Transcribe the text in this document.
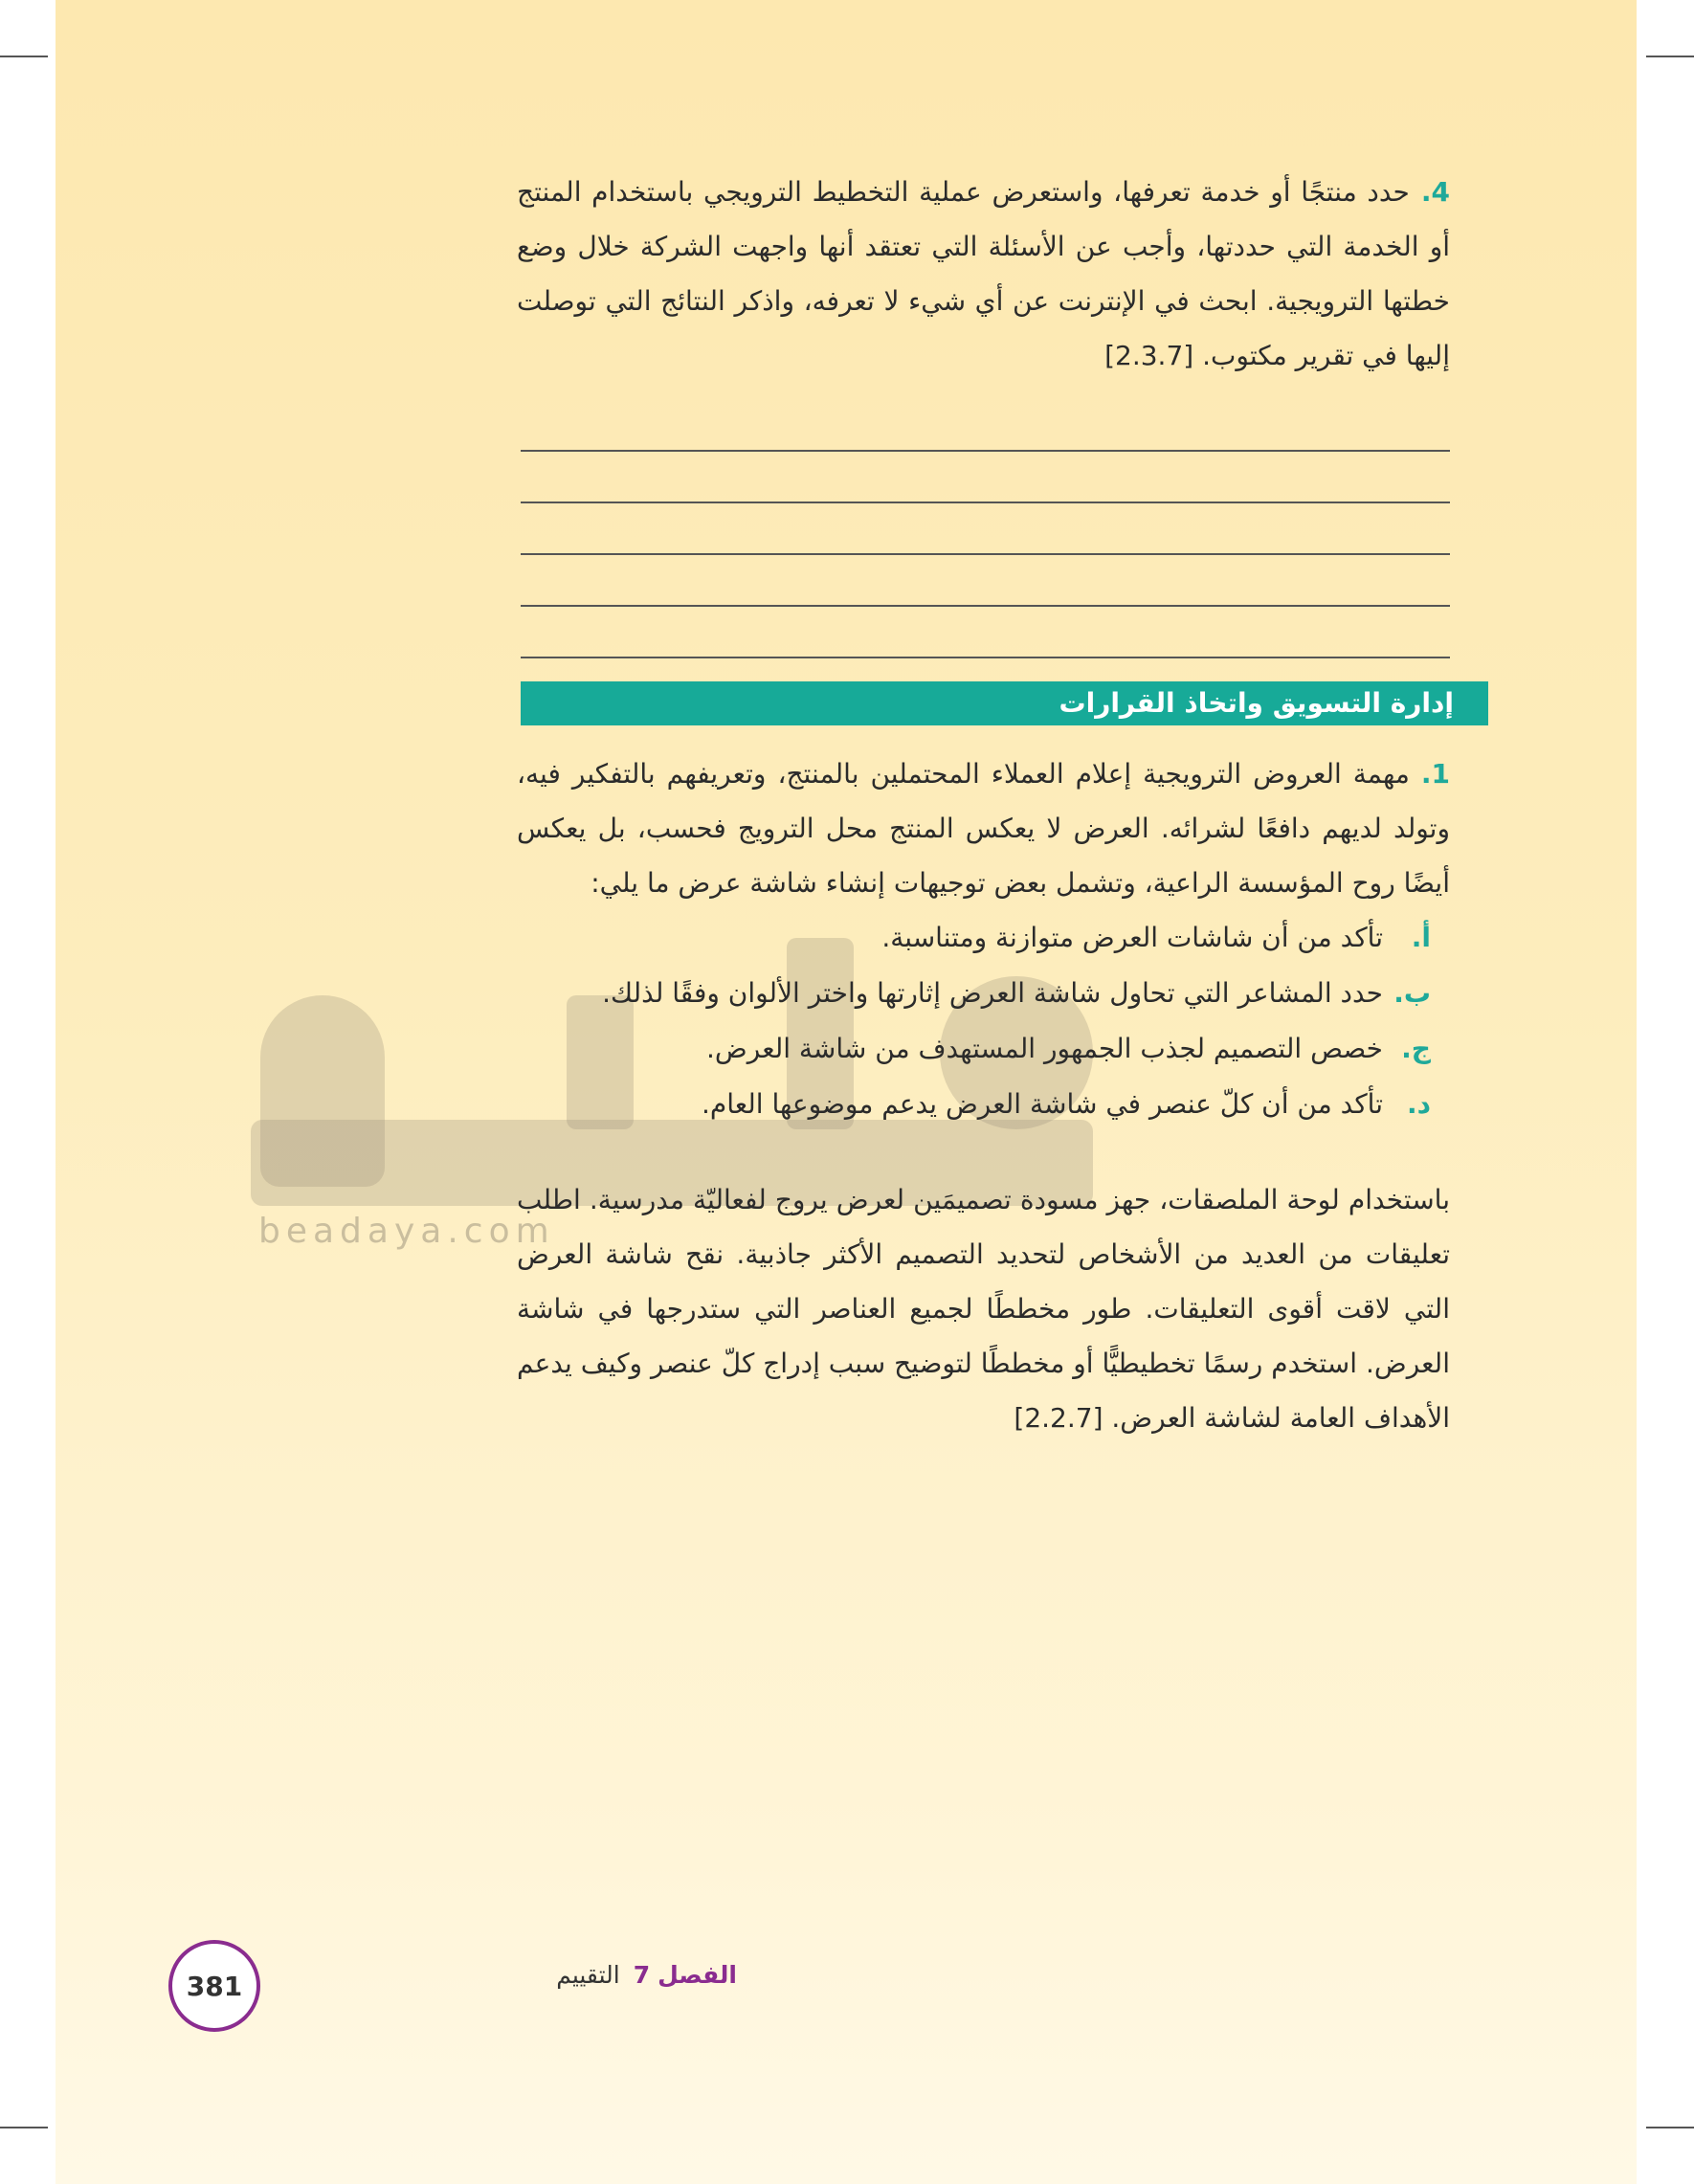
beadaya.com

4.حدد منتجًا أو خدمة تعرفها، واستعرض عملية التخطيط الترويجي باستخدام المنتج أو الخدمة التي حددتها، وأجب عن الأسئلة التي تعتقد أنها واجهت الشركة خلال وضع خطتها الترويجية. ابحث في الإنترنت عن أي شيء لا تعرفه، واذكر النتائج التي توصلت إليها في تقرير مكتوب. [2.3.7]

إدارة التسويق واتخاذ القرارات

1.مهمة العروض الترويجية إعلام العملاء المحتملين بالمنتج، وتعريفهم بالتفكير فيه، وتولد لديهم دافعًا لشرائه. العرض لا يعكس المنتج محل الترويج فحسب، بل يعكس أيضًا روح المؤسسة الراعية، وتشمل بعض توجيهات إنشاء شاشة عرض ما يلي:

أ.تأكد من أن شاشات العرض متوازنة ومتناسبة.
ب.حدد المشاعر التي تحاول شاشة العرض إثارتها واختر الألوان وفقًا لذلك.
ج.خصص التصميم لجذب الجمهور المستهدف من شاشة العرض.
د.تأكد من أن كلّ عنصر في شاشة العرض يدعم موضوعها العام.

باستخدام لوحة الملصقات، جهز مسودة تصميمَين لعرض يروج لفعاليّة مدرسية. اطلب تعليقات من العديد من الأشخاص لتحديد التصميم الأكثر جاذبية. نقح شاشة العرض التي لاقت أقوى التعليقات. طور مخططًا لجميع العناصر التي ستدرجها في شاشة العرض. استخدم رسمًا تخطيطيًّا أو مخططًا لتوضيح سبب إدراج كلّ عنصر وكيف يدعم الأهداف العامة لشاشة العرض. [2.2.7]

381	الفصل7التقييم
